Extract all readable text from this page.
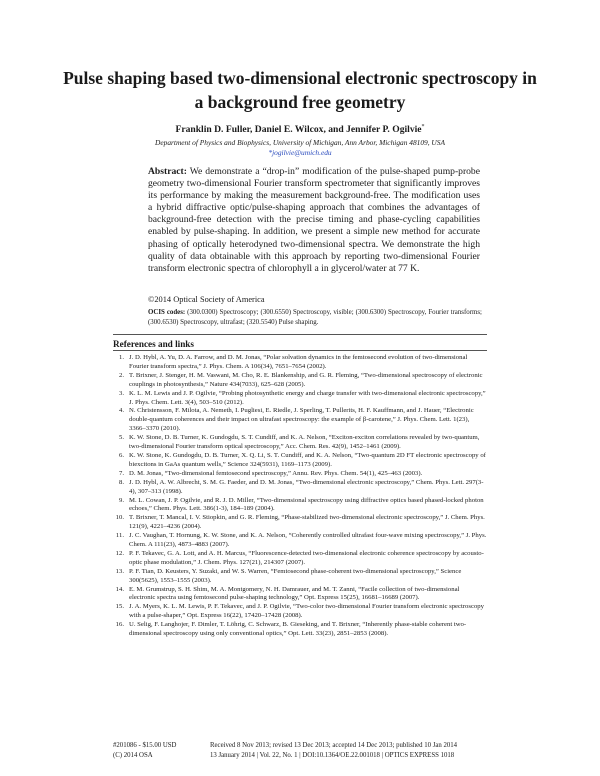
Pulse shaping based two-dimensional electronic spectroscopy in a background free geometry
Franklin D. Fuller, Daniel E. Wilcox, and Jennifer P. Ogilvie*
Department of Physics and Biophysics, University of Michigan, Ann Arbor, Michigan 48109, USA
*jogilvie@umich.edu
Abstract: We demonstrate a “drop-in” modification of the pulse-shaped pump-probe geometry two-dimensional Fourier transform spectrometer that significantly improves its performance by making the measurement background-free. The modification uses a hybrid diffractive optic/pulse-shaping approach that combines the advantages of background-free detection with the precise timing and phase-cycling capabilities enabled by pulse-shaping. In addition, we present a simple new method for accurate phasing of optically heterodyned two-dimensional spectra. We demonstrate the high quality of data obtainable with this approach by reporting two-dimensional Fourier transform electronic spectra of chlorophyll a in glycerol/water at 77 K.
©2014 Optical Society of America
OCIS codes: (300.0300) Spectroscopy; (300.6550) Spectroscopy, visible; (300.6300) Spectroscopy, Fourier transforms; (300.6530) Spectroscopy, ultrafast; (320.5540) Pulse shaping.
References and links
1. J. D. Hybl, A. Yu, D. A. Farrow, and D. M. Jonas, “Polar solvation dynamics in the femtosecond evolution of two-dimensional Fourier transform spectra,” J. Phys. Chem. A 106(34), 7651–7654 (2002).
2. T. Brixner, J. Stenger, H. M. Vaswani, M. Cho, R. E. Blankenship, and G. R. Fleming, “Two-dimensional spectroscopy of electronic couplings in photosynthesis,” Nature 434(7033), 625–628 (2005).
3. K. L. M. Lewis and J. P. Ogilvie, “Probing photosynthetic energy and charge transfer with two-dimensional electronic spectroscopy,” J. Phys. Chem. Lett. 3(4), 503–510 (2012).
4. N. Christensson, F. Milota, A. Nemeth, I. Pugliesi, E. Riedle, J. Sperling, T. Pullerits, H. F. Kauffmann, and J. Hauer, “Electronic double-quantum coherences and their impact on ultrafast spectroscopy: the example of β-carotene,” J. Phys. Chem. Lett. 1(23), 3366–3370 (2010).
5. K. W. Stone, D. B. Turner, K. Gundogdu, S. T. Cundiff, and K. A. Nelson, “Exciton-exciton correlations revealed by two-quantum, two-dimensional Fourier transform optical spectroscopy,” Acc. Chem. Res. 42(9), 1452–1461 (2009).
6. K. W. Stone, K. Gundogdu, D. B. Turner, X. Q. Li, S. T. Cundiff, and K. A. Nelson, “Two-quantum 2D FT electronic spectroscopy of biexcitons in GaAs quantum wells,” Science 324(5931), 1169–1173 (2009).
7. D. M. Jonas, “Two-dimensional femtosecond spectroscopy,” Annu. Rev. Phys. Chem. 54(1), 425–463 (2003).
8. J. D. Hybl, A. W. Albrecht, S. M. G. Faeder, and D. M. Jonas, “Two-dimensional electronic spectroscopy,” Chem. Phys. Lett. 297(3-4), 307–313 (1998).
9. M. L. Cowan, J. P. Ogilvie, and R. J. D. Miller, “Two-dimensional spectroscopy using diffractive optics based phased-locked photon echoes,” Chem. Phys. Lett. 386(1-3), 184–189 (2004).
10. T. Brixner, T. Mancal, I. V. Stiopkin, and G. R. Fleming, “Phase-stabilized two-dimensional electronic spectroscopy,” J. Chem. Phys. 121(9), 4221–4236 (2004).
11. J. C. Vaughan, T. Hornung, K. W. Stone, and K. A. Nelson, “Coherently controlled ultrafast four-wave mixing spectroscopy,” J. Phys. Chem. A 111(23), 4873–4883 (2007).
12. P. F. Tekavec, G. A. Lott, and A. H. Marcus, “Fluorescence-detected two-dimensional electronic coherence spectroscopy by acousto-optic phase modulation,” J. Chem. Phys. 127(21), 214307 (2007).
13. P. F. Tian, D. Keusters, Y. Suzaki, and W. S. Warren, “Femtosecond phase-coherent two-dimensional spectroscopy,” Science 300(5625), 1553–1555 (2003).
14. E. M. Grumstrup, S. H. Shim, M. A. Montgomery, N. H. Damrauer, and M. T. Zanni, “Facile collection of two-dimensional electronic spectra using femtosecond pulse-shaping technology,” Opt. Express 15(25), 16681–16689 (2007).
15. J. A. Myers, K. L. M. Lewis, P. F. Tekavec, and J. P. Ogilvie, “Two-color two-dimensional Fourier transform electronic spectroscopy with a pulse-shaper,” Opt. Express 16(22), 17420–17428 (2008).
16. U. Selig, F. Langhojer, F. Dimler, T. Löhrig, C. Schwarz, B. Gieseking, and T. Brixner, “Inherently phase-stable coherent two-dimensional spectroscopy using only conventional optics,” Opt. Lett. 33(23), 2851–2853 (2008).
#201086 - $15.00 USD
(C) 2014 OSA
Received 8 Nov 2013; revised 13 Dec 2013; accepted 14 Dec 2013; published 10 Jan 2014
13 January 2014 | Vol. 22, No. 1 | DOI:10.1364/OE.22.001018 | OPTICS EXPRESS 1018
